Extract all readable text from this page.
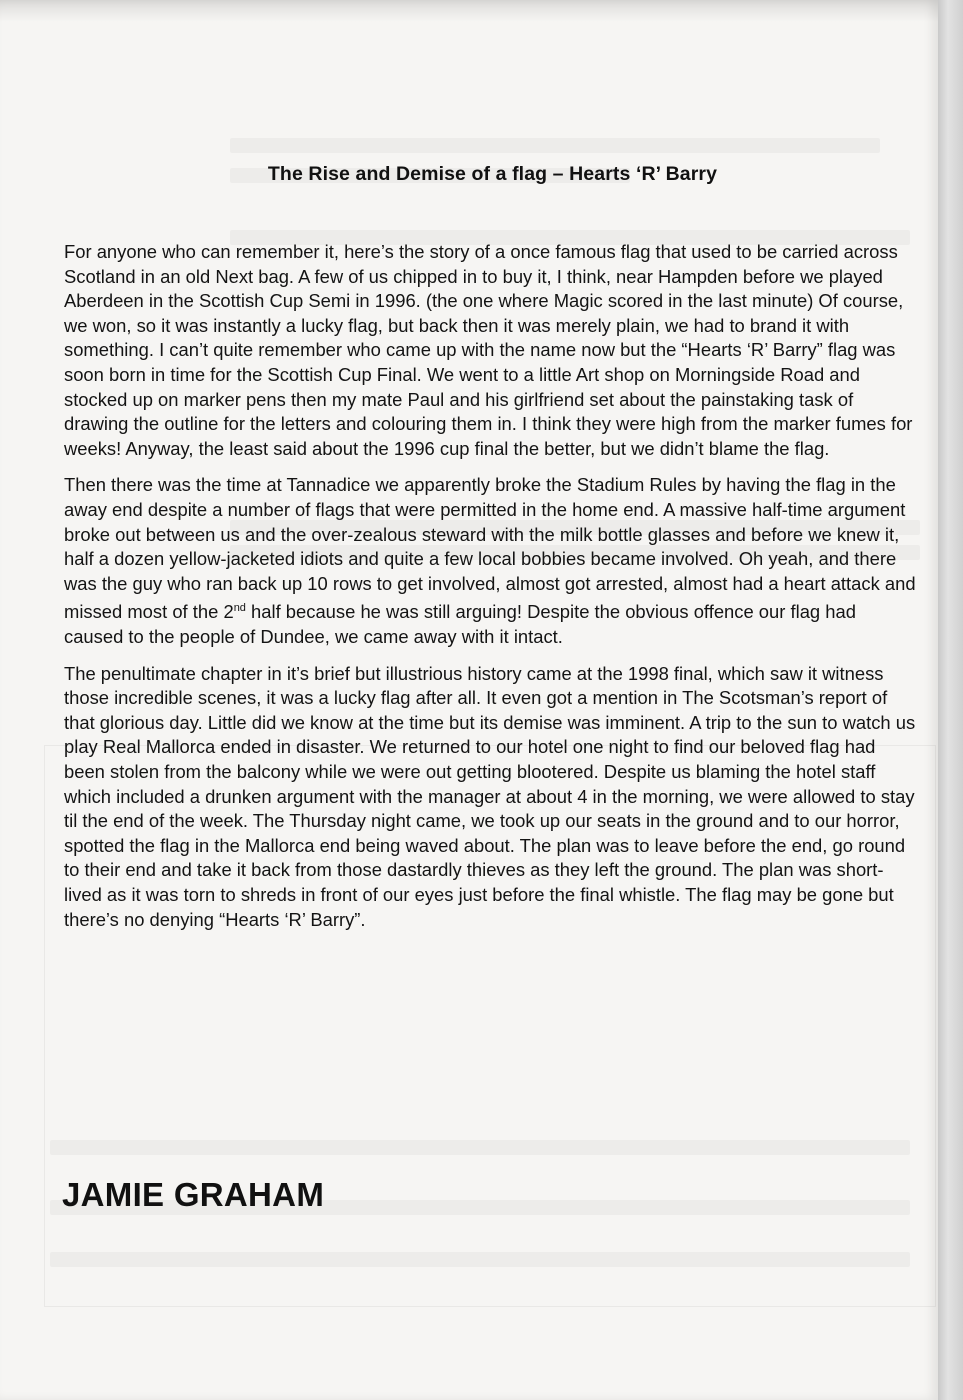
The Rise and Demise of a flag – Hearts ‘R’ Barry

For anyone who can remember it, here’s the story of a once famous flag that used to be carried across Scotland in an old Next bag. A few of us chipped in to buy it, I think, near Hampden before we played Aberdeen in the Scottish Cup Semi in 1996. (the one where Magic scored in the last minute) Of course, we won, so it was instantly a lucky flag, but back then it was merely plain, we had to brand it with something. I can’t quite remember who came up with the name now but the “Hearts ‘R’ Barry” flag was soon born in time for the Scottish Cup Final. We went to a little Art shop on Morningside Road and stocked up on marker pens then my mate Paul and his girlfriend set about the painstaking task of drawing the outline for the letters and colouring them in. I think they were high from the marker fumes for weeks! Anyway, the least said about the 1996 cup final the better, but we didn’t blame the flag.

Then there was the time at Tannadice we apparently broke the Stadium Rules by having the flag in the away end despite a number of flags that were permitted in the home end. A massive half-time argument broke out between us and the over-zealous steward with the milk bottle glasses and before we knew it, half a dozen yellow-jacketed idiots and quite a few local bobbies became involved. Oh yeah, and there was the guy who ran back up 10 rows to get involved, almost got arrested, almost had a heart attack and missed most of the 2nd half because he was still arguing! Despite the obvious offence our flag had caused to the people of Dundee, we came away with it intact.

The penultimate chapter in it’s brief but illustrious history came at the 1998 final, which saw it witness those incredible scenes, it was a lucky flag after all. It even got a mention in The Scotsman’s report of that glorious day. Little did we know at the time but its demise was imminent. A trip to the sun to watch us play Real Mallorca ended in disaster. We returned to our hotel one night to find our beloved flag had been stolen from the balcony while we were out getting blootered. Despite us blaming the hotel staff which included a drunken argument with the manager at about 4 in the morning, we were allowed to stay til the end of the week. The Thursday night came, we took up our seats in the ground and to our horror, spotted the flag in the Mallorca end being waved about. The plan was to leave before the end, go round to their end and take it back from those dastardly thieves as they left the ground. The plan was short-lived as it was torn to shreds in front of our eyes just before the final whistle. The flag may be gone but there’s no denying “Hearts ‘R’ Barry”.

JAMIE GRAHAM
